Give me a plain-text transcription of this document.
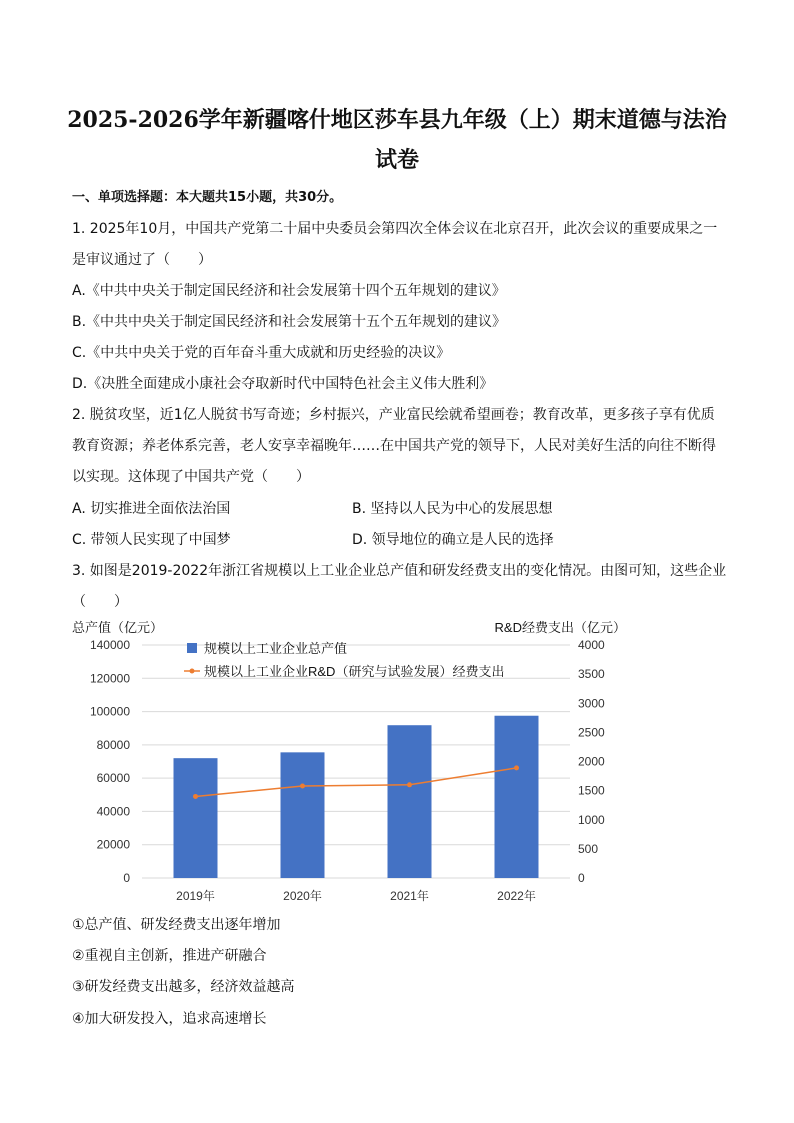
2025-2026学年新疆喀什地区莎车县九年级（上）期末道德与法治试卷
一、单项选择题：本大题共15小题，共30分。
1. 2025年10月，中国共产党第二十届中央委员会第四次全体会议在北京召开，此次会议的重要成果之一
是审议通过了（　　）
A.《中共中央关于制定国民经济和社会发展第十四个五年规划的建议》
B.《中共中央关于制定国民经济和社会发展第十五个五年规划的建议》
C.《中共中央关于党的百年奋斗重大成就和历史经验的决议》
D.《决胜全面建成小康社会夺取新时代中国特色社会主义伟大胜利》
2. 脱贫攻坚，近1亿人脱贫书写奇迹；乡村振兴，产业富民绘就希望画卷；教育改革，更多孩子享有优质
教育资源；养老体系完善，老人安享幸福晚年……在中国共产党的领导下，人民对美好生活的向往不断得
以实现。这体现了中国共产党（　　）
A. 切实推进全面依法治国	B. 坚持以人民为中心的发展思想
C. 带领人民实现了中国梦	D. 领导地位的确立是人民的选择
3. 如图是2019-2022年浙江省规模以上工业企业总产值和研发经费支出的变化情况。由图可知，这些企业
（　　）
140000
120000
100000
80000
60000
40000
20000
0
4000
3500
3000
2500
2000
1500
1000
500
0
2019年	2020年	2021年	2022年
总产值（亿元）	R&D经费支出（亿元）
规模以上工业企业总产值
规模以上工业企业R&D（研究与试验发展）经费支出
①总产值、研发经费支出逐年增加
②重视自主创新，推进产研融合
③研发经费支出越多，经济效益越高
④加大研发投入，追求高速增长
